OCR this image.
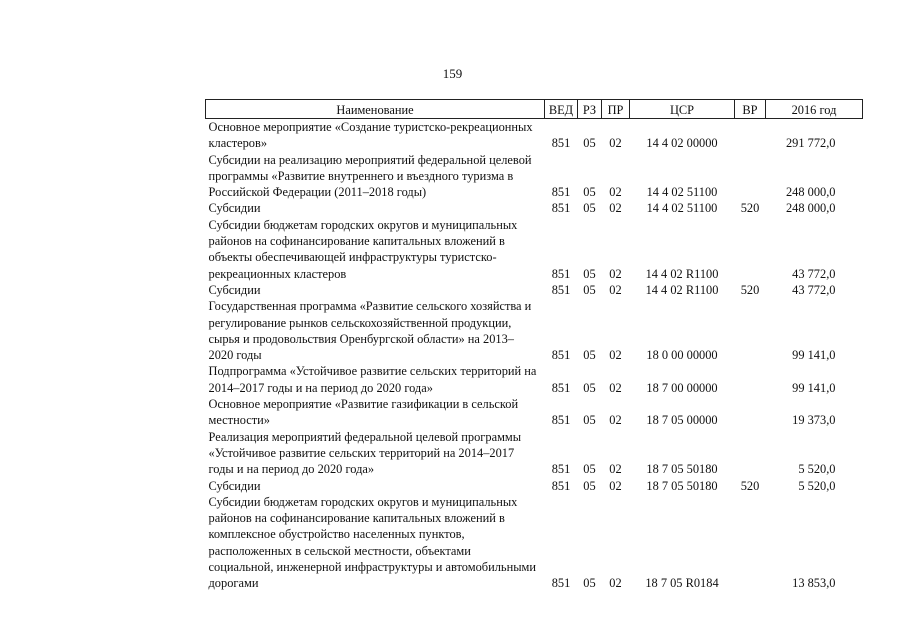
159
Наименование	ВЕД	РЗ	ПР	ЦСР	ВР	2016 год
Основное мероприятие «Создание туристско-рекреационных кластеров»	851	05	02	14 4 02 00000		291 772,0
Субсидии на реализацию мероприятий федеральной целевой программы «Развитие внутреннего и въездного туризма в Российской Федерации (2011–2018 годы)	851	05	02	14 4 02 51100		248 000,0
Субсидии	851	05	02	14 4 02 51100	520	248 000,0
Субсидии бюджетам городских округов и муниципальных районов на софинансирование капитальных вложений в объекты обеспечивающей инфраструктуры туристско-рекреационных кластеров	851	05	02	14 4 02 R1100		43 772,0
Субсидии	851	05	02	14 4 02 R1100	520	43 772,0
Государственная программа «Развитие сельского хозяйства и регулирование рынков сельскохозяйственной продукции, сырья и продовольствия Оренбургской области» на 2013–2020 годы	851	05	02	18 0 00 00000		99 141,0
Подпрограмма «Устойчивое развитие сельских территорий на 2014–2017 годы и на период до 2020 года»	851	05	02	18 7 00 00000		99 141,0
Основное мероприятие «Развитие газификации в сельской местности»	851	05	02	18 7 05 00000		19 373,0
Реализация мероприятий федеральной целевой программы «Устойчивое развитие сельских территорий на 2014–2017 годы и на период до 2020 года»	851	05	02	18 7 05 50180		5 520,0
Субсидии	851	05	02	18 7 05 50180	520	5 520,0
Субсидии бюджетам городских округов и муниципальных районов на софинансирование капитальных вложений в комплексное обустройство населенных пунктов, расположенных в сельской местности, объектами социальной, инженерной инфраструктуры и автомобильными дорогами	851	05	02	18 7 05 R0184		13 853,0
